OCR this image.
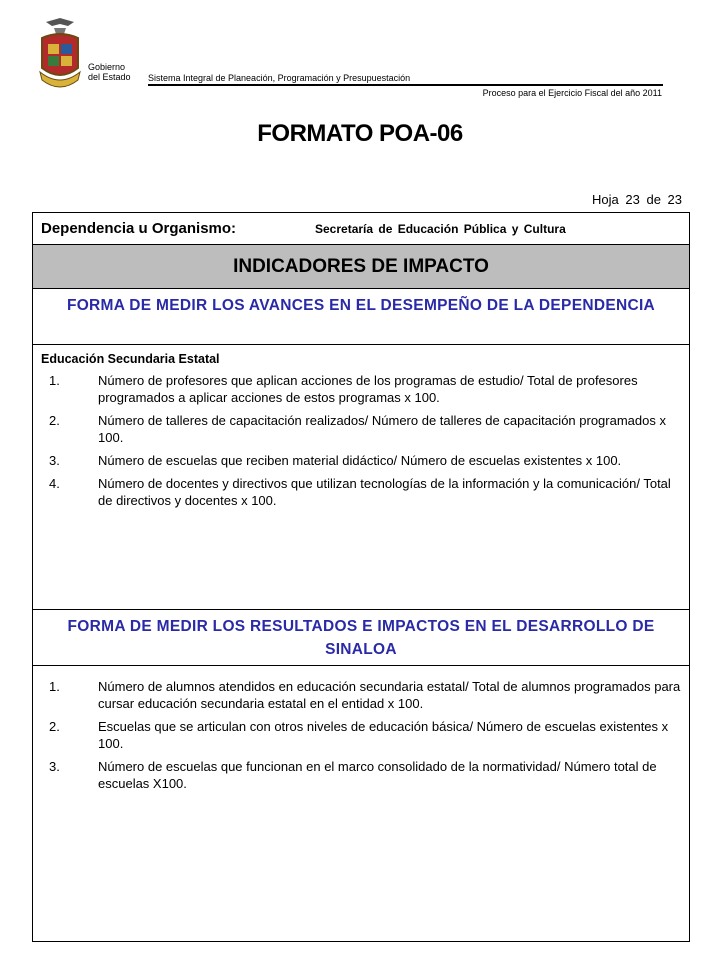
Gobierno
del Estado Sistema Integral de Planeación, Programación y Presupuestación
Proceso para el Ejercicio Fiscal del año 2011
FORMATO POA-06
Hoja 23 de 23
Dependencia u Organismo:	Secretaría de Educación Pública y Cultura
INDICADORES DE IMPACTO
FORMA DE MEDIR LOS AVANCES EN EL DESEMPEÑO DE LA DEPENDENCIA
Educación Secundaria Estatal
1.	Número de profesores que aplican acciones de los programas de estudio/ Total de profesores programados a aplicar acciones de estos programas x 100.
2.	Número de talleres de capacitación realizados/ Número de talleres de capacitación programados x 100.
3.	Número de escuelas que reciben material didáctico/ Número de escuelas existentes x 100.
4.	Número de docentes y directivos que utilizan tecnologías de la información y la comunicación/ Total de directivos y docentes x 100.
FORMA DE MEDIR LOS RESULTADOS E IMPACTOS EN EL DESARROLLO DE SINALOA
1.	Número de alumnos atendidos en educación secundaria estatal/ Total de alumnos programados para cursar educación secundaria estatal en el entidad x 100.
2.	Escuelas que se articulan con otros niveles de educación básica/ Número de escuelas existentes x 100.
3.	Número de escuelas que funcionan en el marco consolidado de la normatividad/ Número total de escuelas X100.
